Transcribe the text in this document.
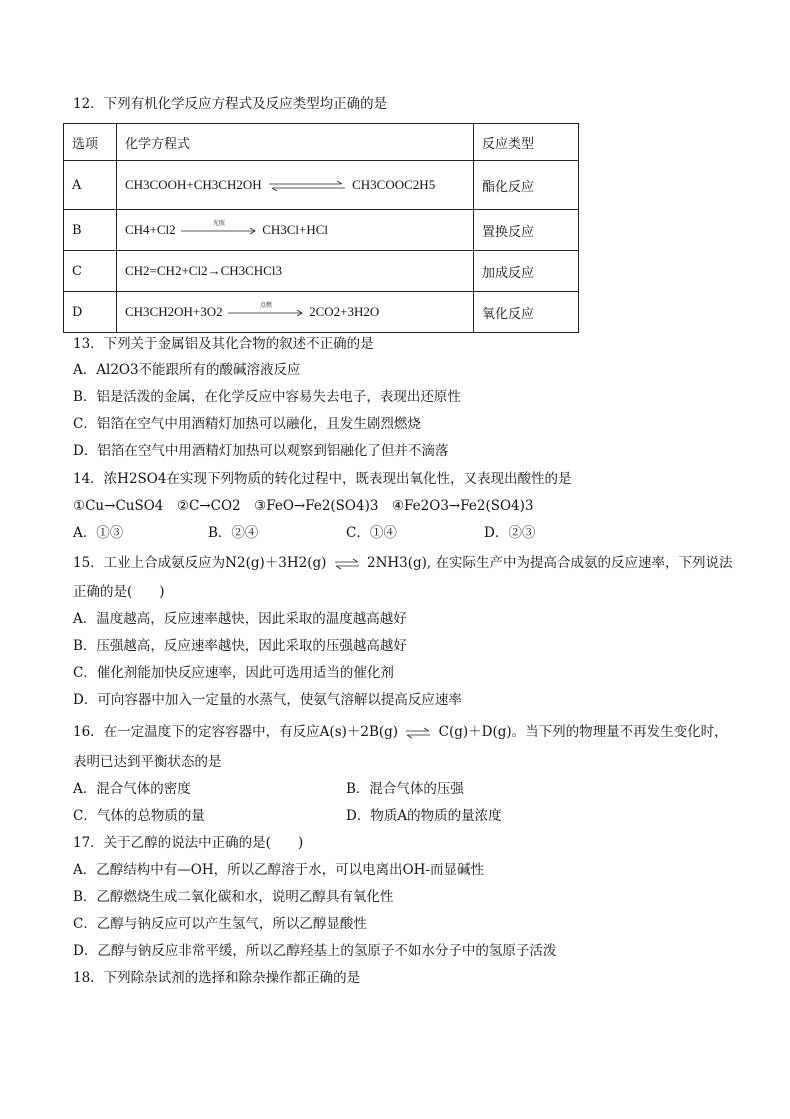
12．下列有机化学反应方程式及反应类型均正确的是
选项	化学方程式	反应类型
A	CH3COOH+CH3CH2OH CH3COOC2H5	酯化反应
B	CH4+Cl2 光照 CH3Cl+HCl	置换反应
C	CH2=CH2+Cl2→CH3CHCl3	加成反应
D	CH3CH2OH+3O2 点燃 2CO2+3H2O	氧化反应
13．下列关于金属铝及其化合物的叙述不正确的是
A．Al2O3不能跟所有的酸碱溶液反应
B．铝是活泼的金属，在化学反应中容易失去电子，表现出还原性
C．铝箔在空气中用酒精灯加热可以融化，且发生剧烈燃烧
D．铝箔在空气中用酒精灯加热可以观察到铝融化了但并不滴落
14．浓H2SO4在实现下列物质的转化过程中，既表现出氧化性，又表现出酸性的是
①Cu→CuSO4　 ②C→CO2　 ③FeO→Fe2(SO4)3　 ④Fe2O3→Fe2(SO4)3
A．①③	B．②④	C．①④	D．②③
15．工业上合成氨反应为N2(g)＋3H2(g) ⇌ 2NH3(g), 在实际生产中为提高合成氨的反应速率，下列说法
正确的是(　　)
A．温度越高，反应速率越快，因此采取的温度越高越好
B．压强越高，反应速率越快，因此采取的压强越高越好
C．催化剂能加快反应速率，因此可选用适当的催化剂
D．可向容器中加入一定量的水蒸气，使氨气溶解以提高反应速率
16．在一定温度下的定容容器中，有反应A(s)＋2B(g) ⇌ C(g)＋D(g)。当下列的物理量不再发生变化时，
表明已达到平衡状态的是
A．混合气体的密度	B．混合气体的压强
C．气体的总物质的量	D．物质A的物质的量浓度
17．关于乙醇的说法中正确的是(　　)
A．乙醇结构中有—OH，所以乙醇溶于水，可以电离出OH-而显碱性
B．乙醇燃烧生成二氧化碳和水，说明乙醇具有氧化性
C．乙醇与钠反应可以产生氢气，所以乙醇显酸性
D．乙醇与钠反应非常平缓，所以乙醇羟基上的氢原子不如水分子中的氢原子活泼
18．下列除杂试剂的选择和除杂操作都正确的是
